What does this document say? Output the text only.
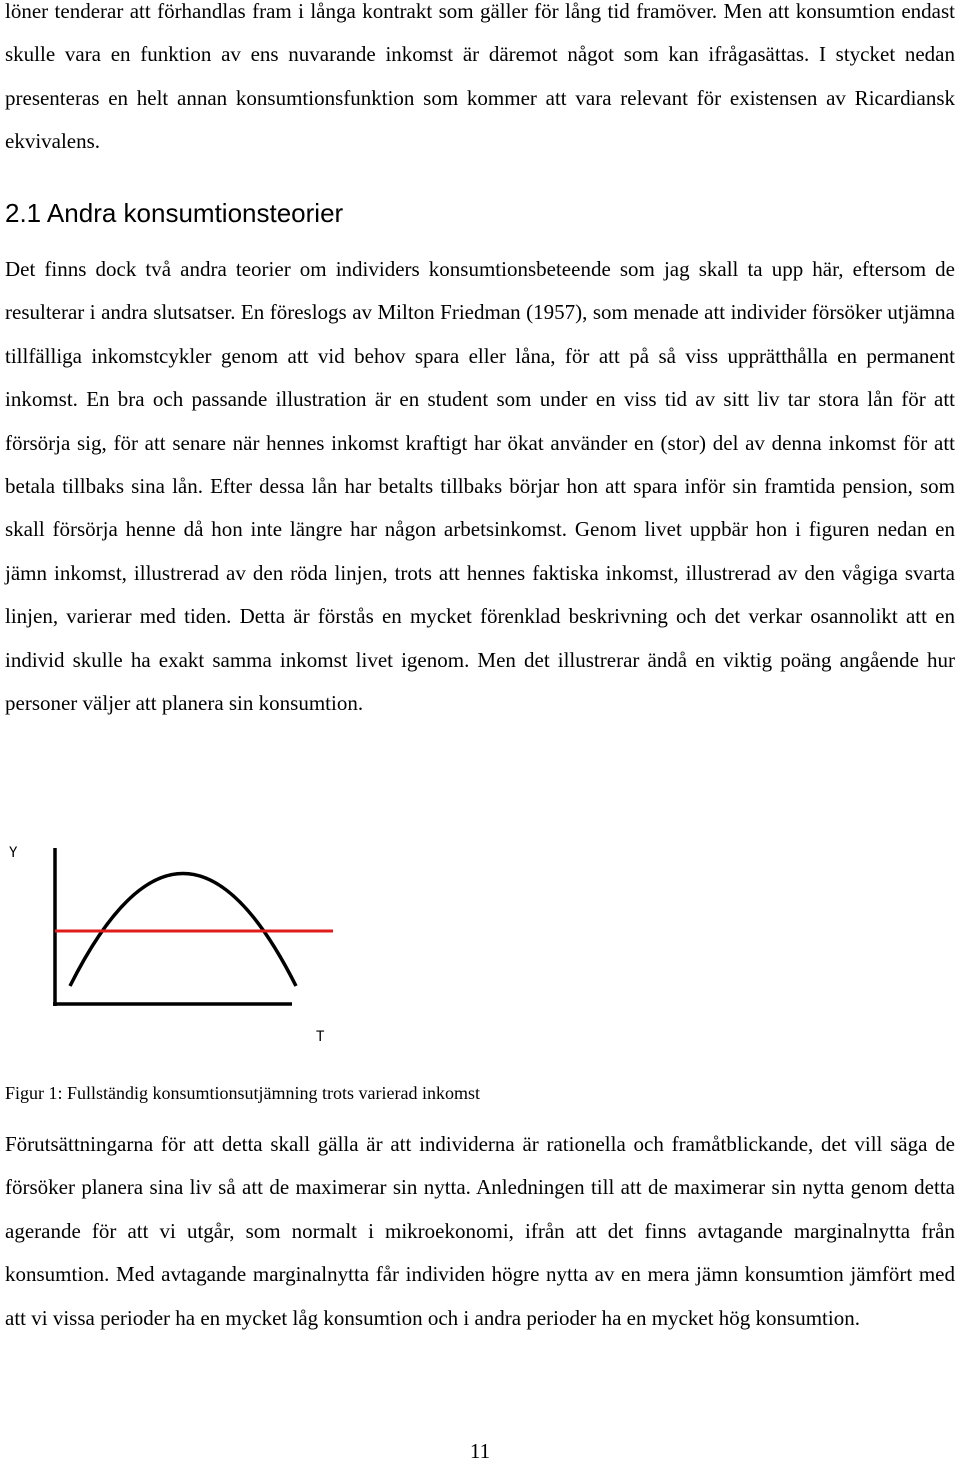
löner tenderar att förhandlas fram i långa kontrakt som gäller för lång tid framöver. Men att konsumtion endast skulle vara en funktion av ens nuvarande inkomst är däremot något som kan ifrågasättas. I stycket nedan presenteras en helt annan konsumtionsfunktion som kommer att vara relevant för existensen av Ricardiansk ekvivalens.

2.1 Andra konsumtionsteorier

Det finns dock två andra teorier om individers konsumtionsbeteende som jag skall ta upp här, eftersom de resulterar i andra slutsatser. En föreslogs av Milton Friedman (1957), som menade att individer försöker utjämna tillfälliga inkomstcykler genom att vid behov spara eller låna, för att på så viss upprätthålla en permanent inkomst. En bra och passande illustration är en student som under en viss tid av sitt liv tar stora lån för att försörja sig, för att senare när hennes inkomst kraftigt har ökat använder en (stor) del av denna inkomst för att betala tillbaks sina lån. Efter dessa lån har betalts tillbaks börjar hon att spara inför sin framtida pension, som skall försörja henne då hon inte längre har någon arbetsinkomst. Genom livet uppbär hon i figuren nedan en jämn inkomst, illustrerad av den röda linjen, trots att hennes faktiska inkomst, illustrerad av den vågiga svarta linjen, varierar med tiden. Detta är förstås en mycket förenklad beskrivning och det verkar osannolikt att en individ skulle ha exakt samma inkomst livet igenom. Men det illustrerar ändå en viktig poäng angående hur personer väljer att planera sin konsumtion.

Y
T

Figur 1: Fullständig konsumtionsutjämning trots varierad inkomst

Förutsättningarna för att detta skall gälla är att individerna är rationella och framåtblickande, det vill säga de försöker planera sina liv så att de maximerar sin nytta. Anledningen till att de maximerar sin nytta genom detta agerande för att vi utgår, som normalt i mikroekonomi, ifrån att det finns avtagande marginalnytta från konsumtion. Med avtagande marginalnytta får individen högre nytta av en mera jämn konsumtion jämfört med att vi vissa perioder ha en mycket låg konsumtion och i andra perioder ha en mycket hög konsumtion.

11
